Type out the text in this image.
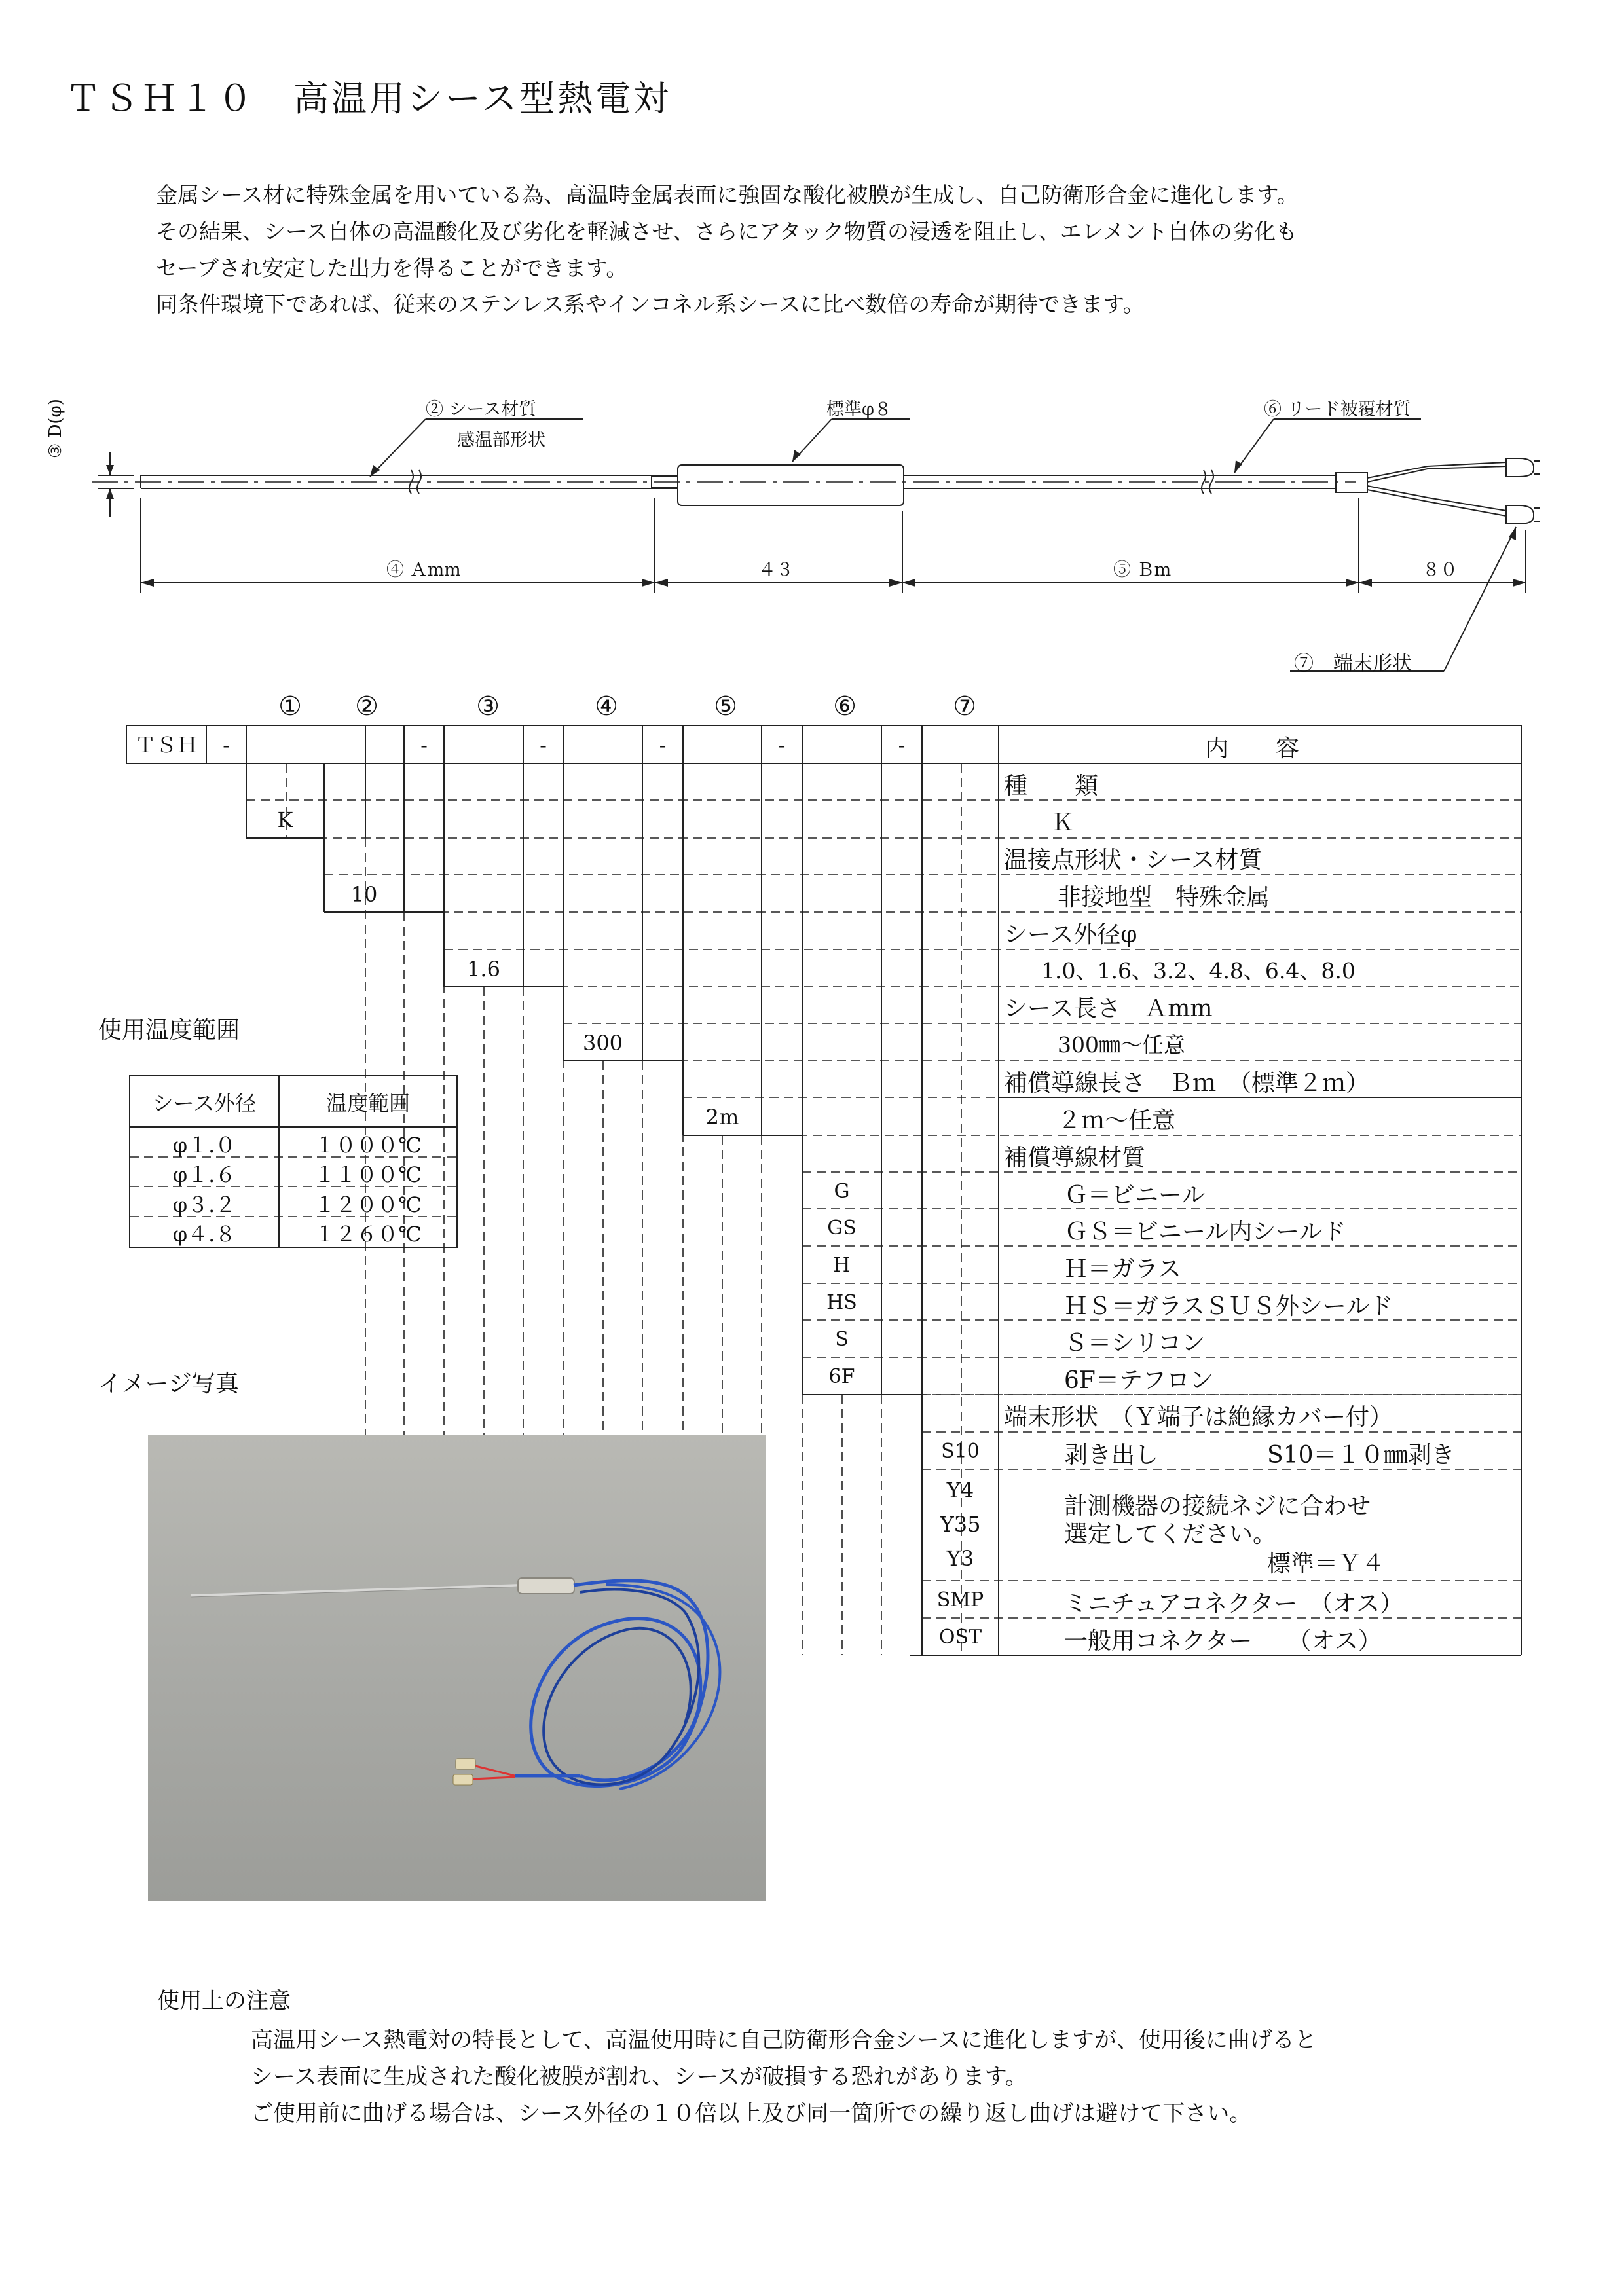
ＴＳＨ１０　高温用シース型熱電対
金属シース材に特殊金属を用いている為、高温時金属表面に強固な酸化被膜が生成し、自己防衛形合金に進化します。
その結果、シース自体の高温酸化及び劣化を軽減させ、さらにアタック物質の浸透を阻止し、エレメント自体の劣化も
セーブされ安定した出力を得ることができます。
同条件環境下であれば、従来のステンレス系やインコネル系シースに比べ数倍の寿命が期待できます。
③ D(φ)	② シース材質
感温部形状
標準φ８	⑥ リード被覆材質
④ Ａmm	４３	⑤ Ｂm	８０
⑦　端末形状
①	②	③	④	⑤	⑥	⑦
ＴＳＨ	-	-	-	-	-	-	内　　容
種　　類
K	Ｋ
温接点形状・シース材質
10	非接地型　特殊金属
シース外径φ
1.6	1.0、1.6、3.2、4.8、6.4、8.0
シース長さ　Ａmm
300	300㎜～任意
補償導線長さ　Ｂｍ　（標準２ｍ）
2m	２ｍ～任意
補償導線材質
G	Ｇ＝ビニール
GS	ＧＳ＝ビニール内シールド
H	Ｈ＝ガラス
HS	ＨＳ＝ガラスＳＵＳ外シールド
S	Ｓ＝シリコン
6F	6F＝テフロン
端末形状　（Ｙ端子は絶縁カバー付）
S10	剥き出し	S10＝１０㎜剥き
Y4
Y35
Y3
計測機器の接続ネジに合わせ
選定してください。
標準＝Ｙ４
SMP	ミニチュアコネクター　（オス）
OST	一般用コネクター　　（オス）
使用温度範囲
シース外径	温度範囲
φ１.０	１０００℃
φ１.６	１１００℃
φ３.２	１２００℃
φ４.８	１２６０℃
イメージ写真
使用上の注意
高温用シース熱電対の特長として、高温使用時に自己防衛形合金シースに進化しますが、使用後に曲げると
シース表面に生成された酸化被膜が割れ、シースが破損する恐れがあります。
ご使用前に曲げる場合は、シース外径の１０倍以上及び同一箇所での繰り返し曲げは避けて下さい。
